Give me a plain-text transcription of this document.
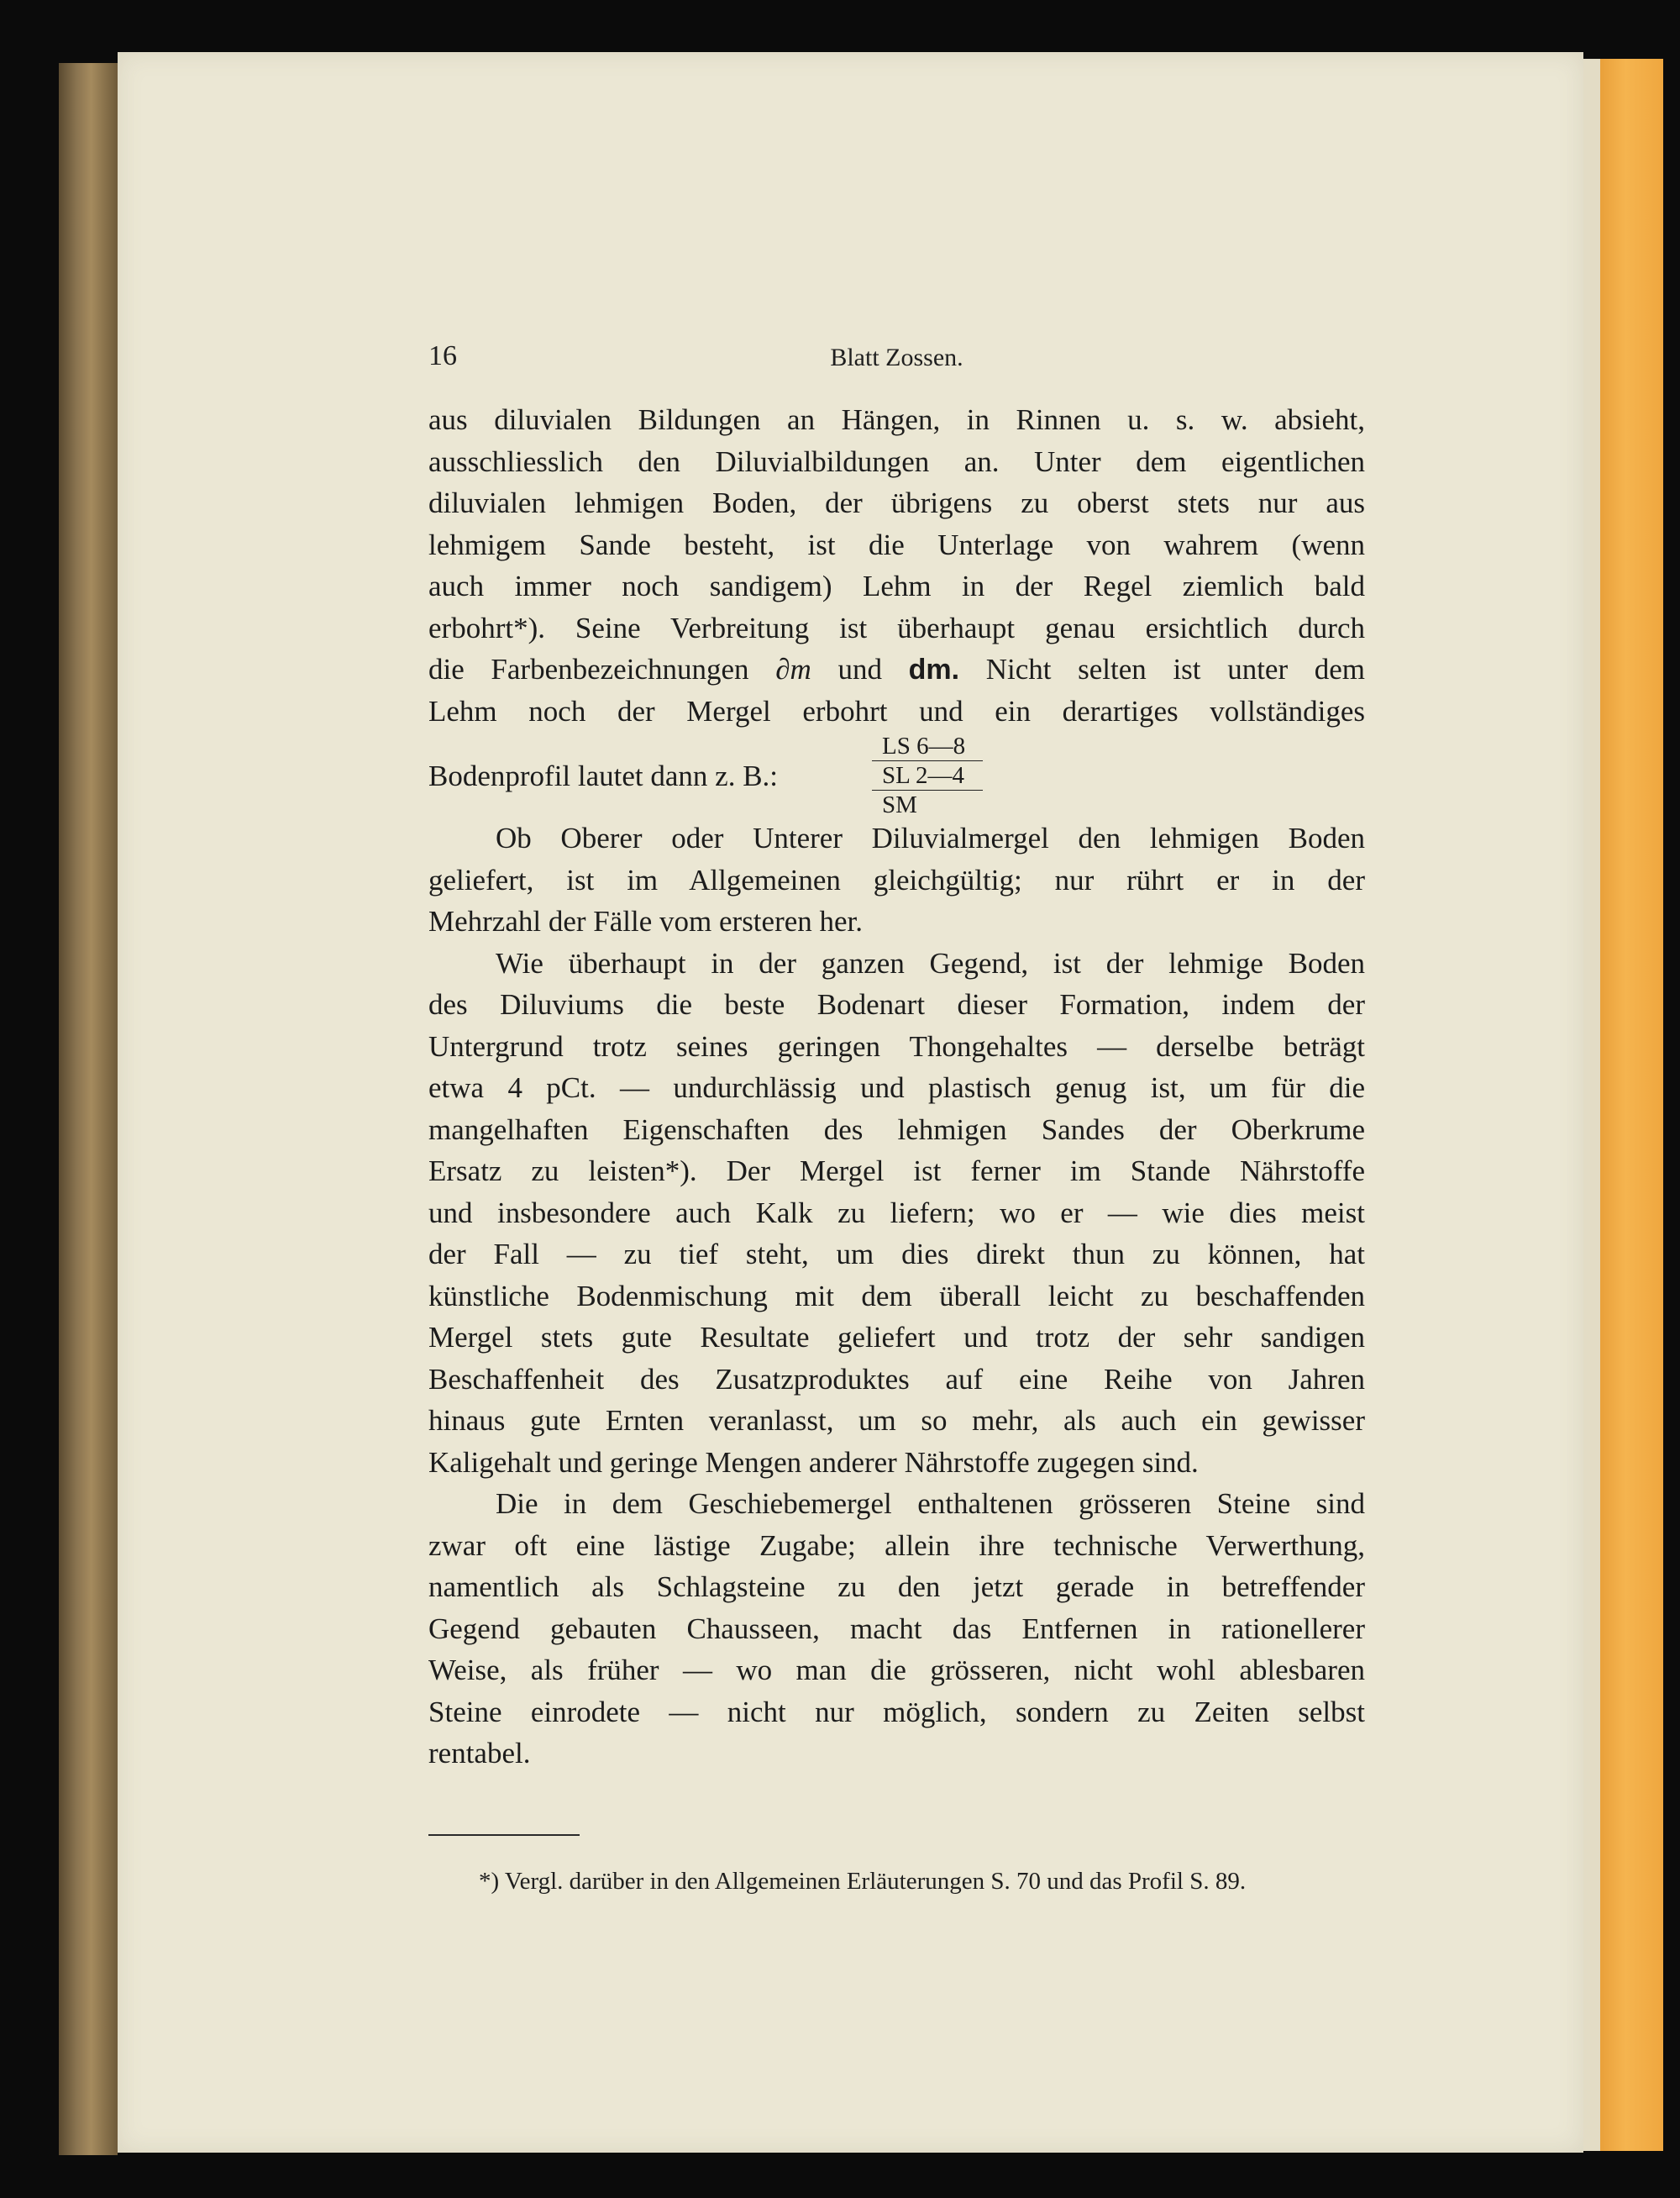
16	Blatt Zossen.
aus diluvialen Bildungen an Hängen, in Rinnen u. s. w. absieht,
ausschliesslich den Diluvialbildungen an. Unter dem eigentlichen
diluvialen lehmigen Boden, der übrigens zu oberst stets nur aus
lehmigem Sande besteht, ist die Unterlage von wahrem (wenn
auch immer noch sandigem) Lehm in der Regel ziemlich bald
erbohrt*). Seine Verbreitung ist überhaupt genau ersichtlich durch
die Farbenbezeichnungen ∂m und dm. Nicht selten ist unter dem
Lehm noch der Mergel erbohrt und ein derartiges vollständiges
Bodenprofil lautet dann z. B.:
LS 6—8
SL 2—4
SM
Ob Oberer oder Unterer Diluvialmergel den lehmigen Boden
geliefert, ist im Allgemeinen gleichgültig; nur rührt er in der
Mehrzahl der Fälle vom ersteren her.
Wie überhaupt in der ganzen Gegend, ist der lehmige Boden
des Diluviums die beste Bodenart dieser Formation, indem der
Untergrund trotz seines geringen Thongehaltes — derselbe beträgt
etwa 4 pCt. — undurchlässig und plastisch genug ist, um für die
mangelhaften Eigenschaften des lehmigen Sandes der Oberkrume
Ersatz zu leisten*). Der Mergel ist ferner im Stande Nährstoffe
und insbesondere auch Kalk zu liefern; wo er — wie dies meist
der Fall — zu tief steht, um dies direkt thun zu können, hat
künstliche Bodenmischung mit dem überall leicht zu beschaffenden
Mergel stets gute Resultate geliefert und trotz der sehr sandigen
Beschaffenheit des Zusatzproduktes auf eine Reihe von Jahren
hinaus gute Ernten veranlasst, um so mehr, als auch ein gewisser
Kaligehalt und geringe Mengen anderer Nährstoffe zugegen sind.
Die in dem Geschiebemergel enthaltenen grösseren Steine sind
zwar oft eine lästige Zugabe; allein ihre technische Verwerthung,
namentlich als Schlagsteine zu den jetzt gerade in betreffender
Gegend gebauten Chausseen, macht das Entfernen in rationellerer
Weise, als früher — wo man die grösseren, nicht wohl ablesbaren
Steine einrodete — nicht nur möglich, sondern zu Zeiten selbst
rentabel.
*) Vergl. darüber in den Allgemeinen Erläuterungen S. 70 und das Profil S. 89.
